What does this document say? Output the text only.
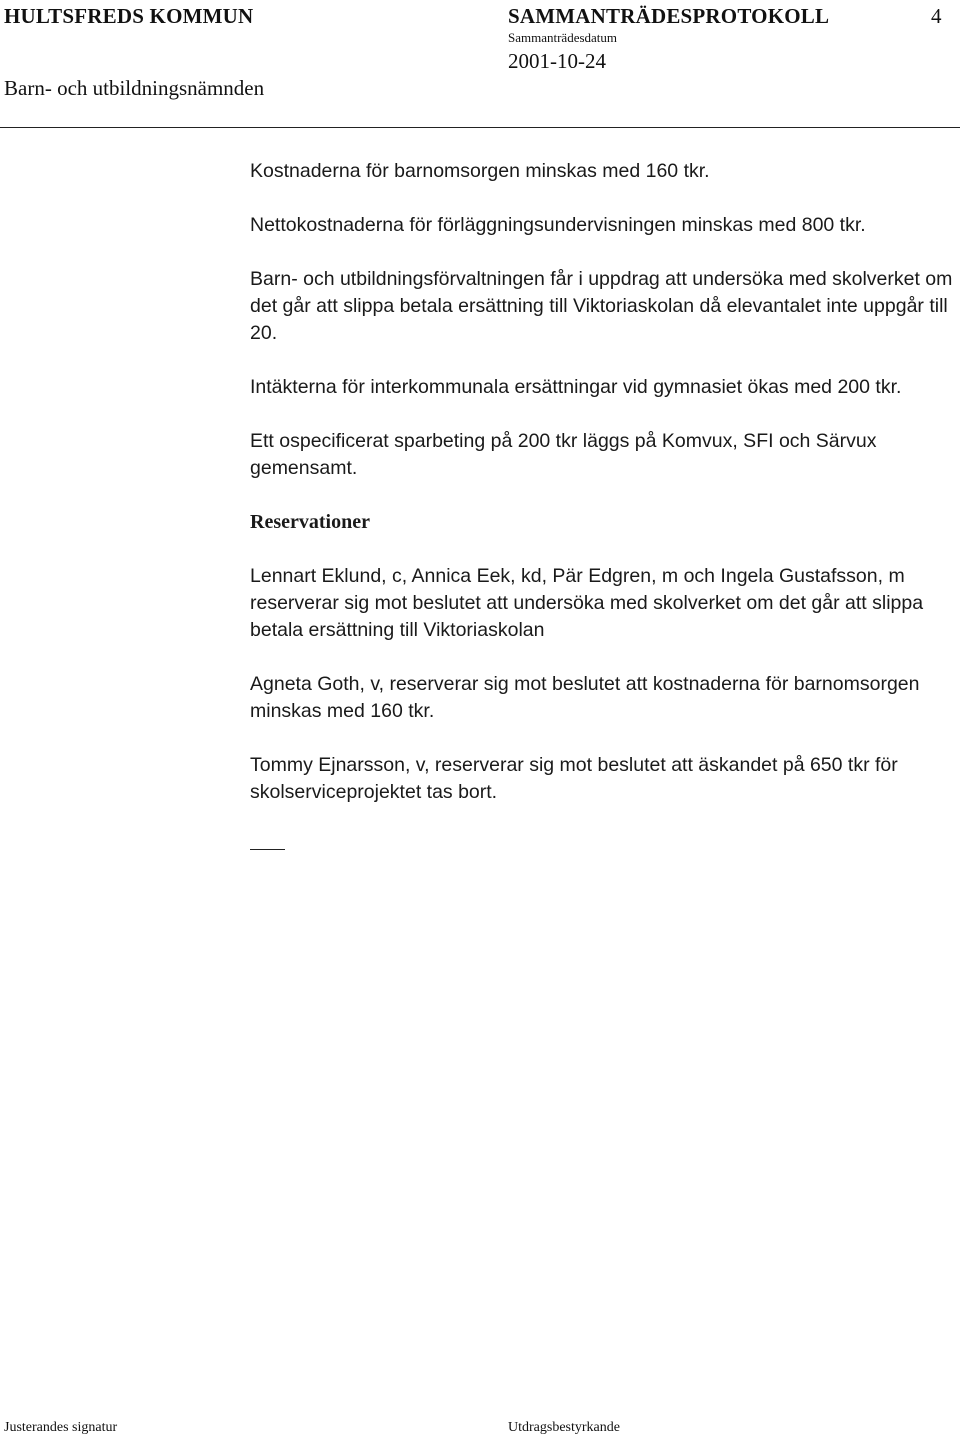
HULTSFREDS KOMMUN	SAMMANTRÄDESPROTOKOLL	4
Sammanträdesdatum
2001-10-24
Barn- och utbildningsnämnden

Kostnaderna för barnomsorgen minskas med 160 tkr.

Nettokostnaderna för förläggningsundervisningen minskas med 800 tkr.

Barn- och utbildningsförvaltningen får i uppdrag att undersöka med skolverket om det går att slippa betala ersättning till Viktoriaskolan då elevantalet inte uppgår till 20.

Intäkterna för interkommunala ersättningar vid gymnasiet ökas med 200 tkr.

Ett ospecificerat sparbeting på 200 tkr läggs på Komvux, SFI och Särvux gemensamt.

Reservationer

Lennart Eklund, c, Annica Eek, kd, Pär Edgren, m och Ingela Gustafsson, m reserverar sig mot beslutet att undersöka med skolverket om det går att slippa betala ersättning till Viktoriaskolan

Agneta Goth, v, reserverar sig mot beslutet att kostnaderna för barnomsorgen minskas med 160 tkr.

Tommy Ejnarsson, v, reserverar sig mot beslutet att äskandet på 650 tkr för skolserviceprojektet tas bort.

Justerandes signatur	Utdragsbestyrkande
